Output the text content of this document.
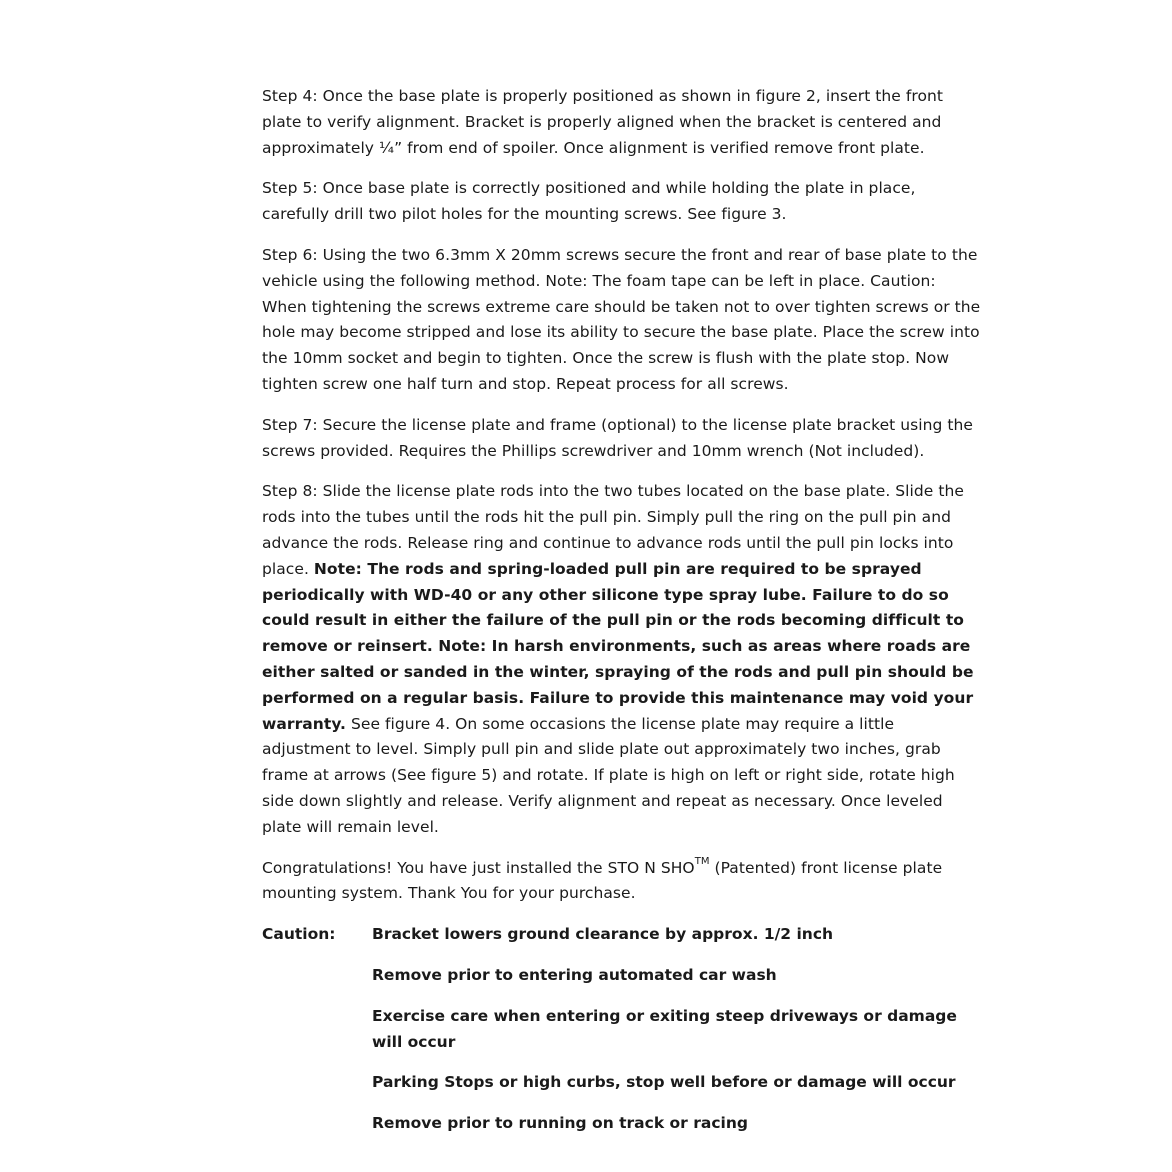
Step 4: Once the base plate is properly positioned as shown in figure 2, insert the front plate to verify alignment. Bracket is properly aligned when the bracket is centered and approximately ¼” from end of spoiler. Once alignment is verified remove front plate.

Step 5: Once base plate is correctly positioned and while holding the plate in place, carefully drill two pilot holes for the mounting screws. See figure 3.

Step 6: Using the two 6.3mm X 20mm screws secure the front and rear of base plate to the vehicle using the following method. Note: The foam tape can be left in place. Caution: When tightening the screws extreme care should be taken not to over tighten screws or the hole may become stripped and lose its ability to secure the base plate. Place the screw into the 10mm socket and begin to tighten. Once the screw is flush with the plate stop. Now tighten screw one half turn and stop. Repeat process for all screws.

Step 7: Secure the license plate and frame (optional) to the license plate bracket using the screws provided. Requires the Phillips screwdriver and 10mm wrench (Not included).

Step 8: Slide the license plate rods into the two tubes located on the base plate. Slide the rods into the tubes until the rods hit the pull pin. Simply pull the ring on the pull pin and advance the rods. Release ring and continue to advance rods until the pull pin locks into place. Note: The rods and spring-loaded pull pin are required to be sprayed periodically with WD-40 or any other silicone type spray lube. Failure to do so could result in either the failure of the pull pin or the rods becoming difficult to remove or reinsert. Note: In harsh environments, such as areas where roads are either salted or sanded in the winter, spraying of the rods and pull pin should be performed on a regular basis. Failure to provide this maintenance may void your warranty. See figure 4. On some occasions the license plate may require a little adjustment to level. Simply pull pin and slide plate out approximately two inches, grab frame at arrows (See figure 5) and rotate. If plate is high on left or right side, rotate high side down slightly and release. Verify alignment and repeat as necessary. Once leveled plate will remain level.

Congratulations! You have just installed the STO N SHO™ (Patented) front license plate mounting system. Thank You for your purchase.

Caution:	Bracket lowers ground clearance by approx. 1/2 inch
Remove prior to entering automated car wash
Exercise care when entering or exiting steep driveways or damage will occur
Parking Stops or high curbs, stop well before or damage will occur
Remove prior to running on track or racing
